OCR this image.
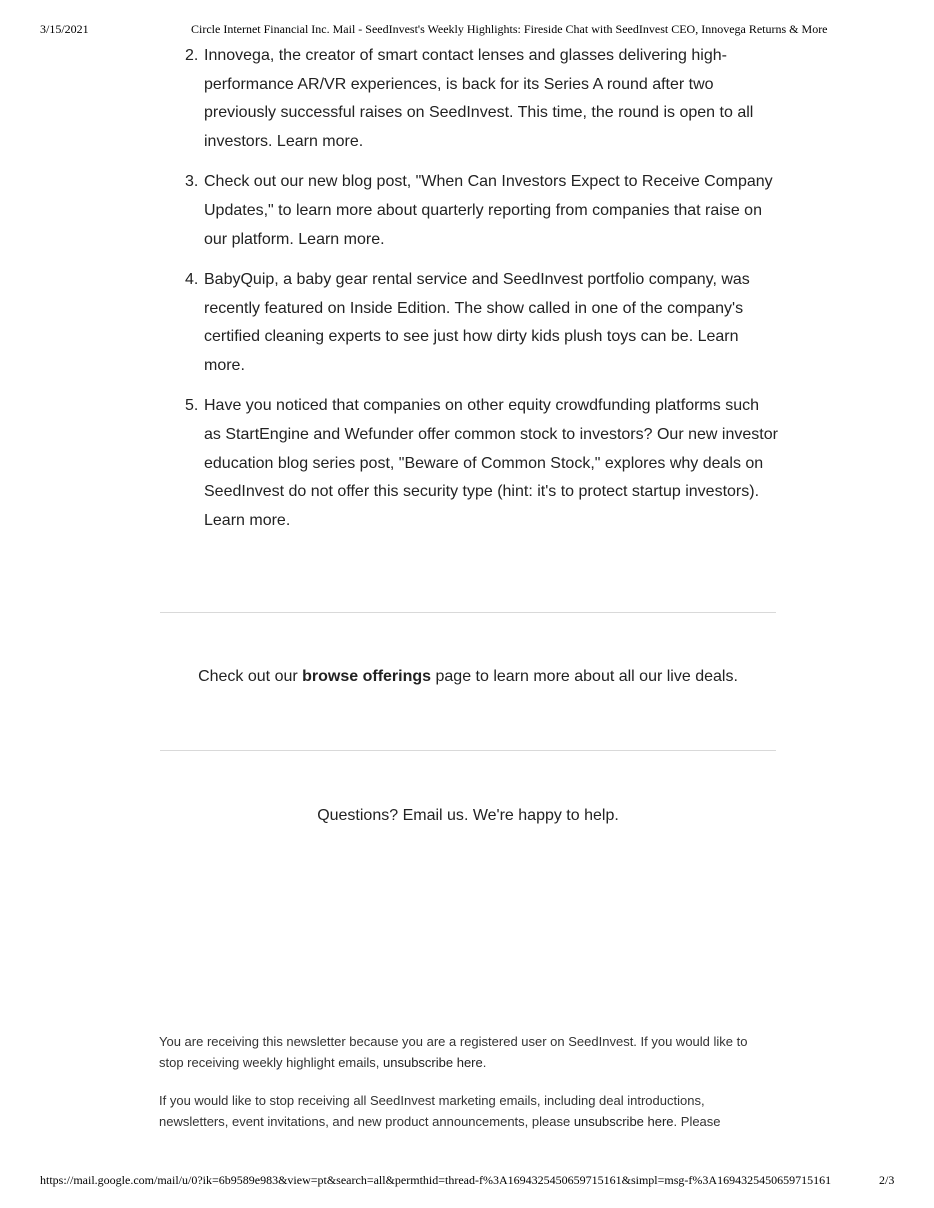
3/15/2021	Circle Internet Financial Inc. Mail - SeedInvest's Weekly Highlights: Fireside Chat with SeedInvest CEO, Innovega Returns & More
2. Innovega, the creator of smart contact lenses and glasses delivering high-performance AR/VR experiences, is back for its Series A round after two previously successful raises on SeedInvest. This time, the round is open to all investors. Learn more.
3. Check out our new blog post, "When Can Investors Expect to Receive Company Updates," to learn more about quarterly reporting from companies that raise on our platform. Learn more.
4. BabyQuip, a baby gear rental service and SeedInvest portfolio company, was recently featured on Inside Edition. The show called in one of the company's certified cleaning experts to see just how dirty kids plush toys can be. Learn more.
5. Have you noticed that companies on other equity crowdfunding platforms such as StartEngine and Wefunder offer common stock to investors? Our new investor education blog series post, "Beware of Common Stock," explores why deals on SeedInvest do not offer this security type (hint: it's to protect startup investors). Learn more.
Check out our browse offerings page to learn more about all our live deals.
Questions? Email us. We're happy to help.

You are receiving this newsletter because you are a registered user on SeedInvest. If you would like to stop receiving weekly highlight emails, unsubscribe here.

If you would like to stop receiving all SeedInvest marketing emails, including deal introductions, newsletters, event invitations, and new product announcements, please unsubscribe here. Please

https://mail.google.com/mail/u/0?ik=6b9589e983&view=pt&search=all&permthid=thread-f%3A1694325450659715161&simpl=msg-f%3A1694325450659715161	2/3
